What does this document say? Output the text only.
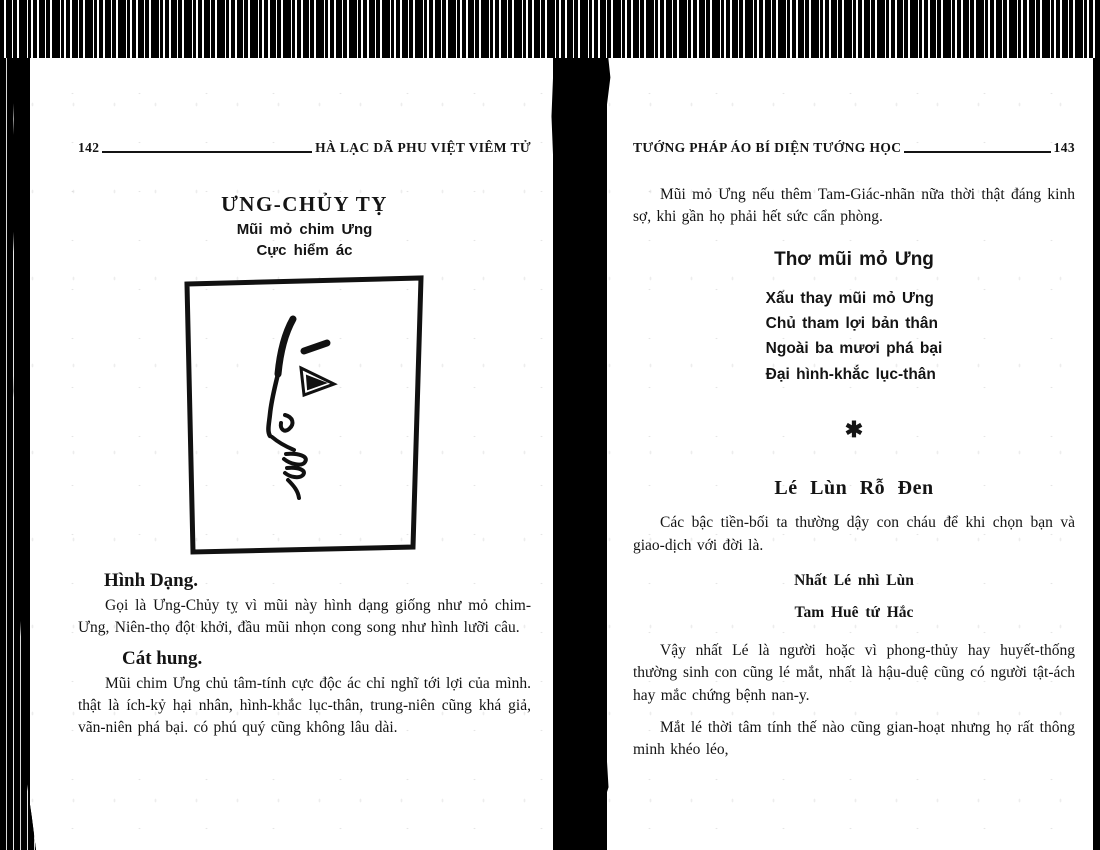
142	HÀ LẠC DÃ PHU VIỆT VIÊM TỬ
ƯNG-CHỦY TỴ
Mũi mỏ chim Ưng
Cực hiểm ác
Hình Dạng.

Gọi là Ưng-Chủy tỵ vì mũi này hình dạng giống như mỏ chim-Ưng, Niên-thọ đột khởi, đầu mũi nhọn cong song như hình lưỡi câu.

Cát hung.

Mũi chim Ưng chủ tâm-tính cực độc ác chỉ nghĩ tới lợi của mình. thật là ích-kỷ hại nhân, hình-khắc lục-thân, trung-niên cũng khá giả, vãn-niên phá bại. có phú quý cũng không lâu dài.

TƯỚNG PHÁP ÁO BÍ DIỆN TƯỚNG HỌC	143

Mũi mỏ Ưng nếu thêm Tam-Giác-nhãn nữa thời thật đáng kinh sợ, khi gần họ phải hết sức cẩn phòng.

Thơ mũi mỏ Ưng
Xấu thay mũi mỏ Ưng
Chủ tham lợi bản thân
Ngoài ba mươi phá bại
Đại hình-khắc lục-thân
✱
Lé Lùn Rỗ Đen

Các bậc tiền-bối ta thường dậy con cháu để khi chọn bạn và giao-dịch với đời là.

Nhất Lé nhì Lùn
Tam Huê tứ Hắc

Vậy nhất Lé là người hoặc vì phong-thủy hay huyết-thống thường sinh con cũng lé mắt, nhất là hậu-duệ cũng có người tật-ách hay mắc chứng bệnh nan-y.

Mắt lé thời tâm tính thế nào cũng gian-hoạt nhưng họ rất thông minh khéo léo,
